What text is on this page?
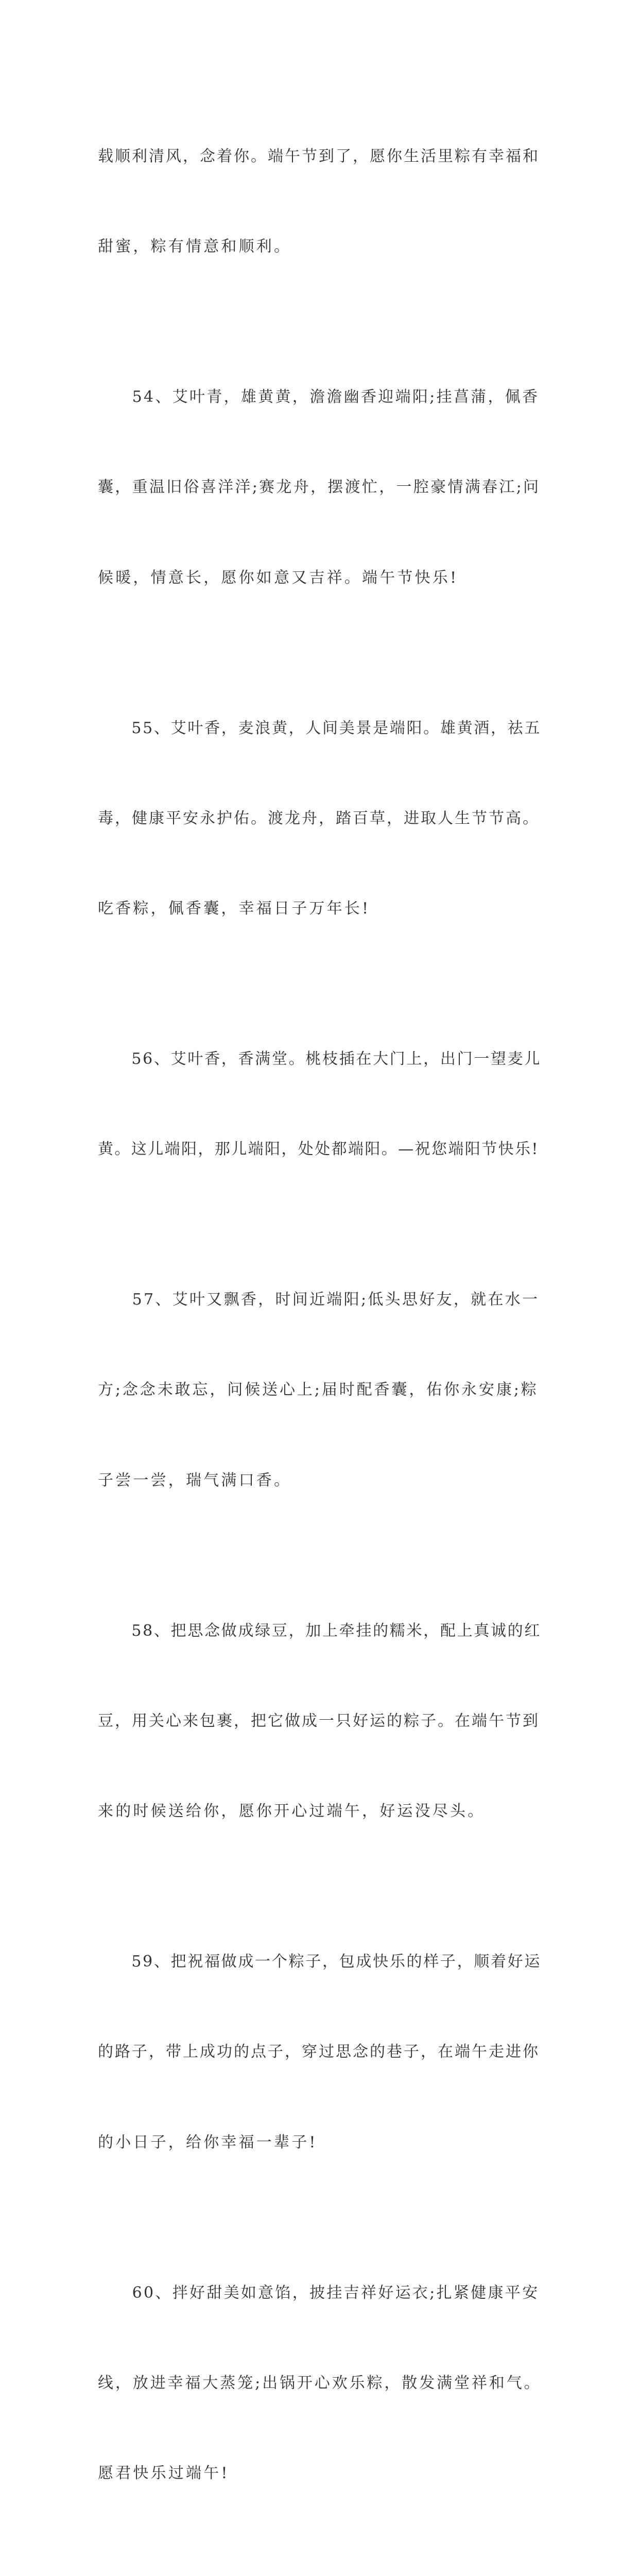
载顺利清风，念着你。端午节到了，愿你生活里粽有幸福和

甜蜜，粽有情意和顺利。

　　54、艾叶青，雄黄黄，澹澹幽香迎端阳;挂菖蒲，佩香

囊，重温旧俗喜洋洋;赛龙舟，摆渡忙，一腔豪情满春江;问

候暖，情意长，愿你如意又吉祥。端午节快乐!

　　55、艾叶香，麦浪黄，人间美景是端阳。雄黄酒，祛五

毒，健康平安永护佑。渡龙舟，踏百草，进取人生节节高。

吃香粽，佩香囊，幸福日子万年长!

　　56、艾叶香，香满堂。桃枝插在大门上，出门一望麦儿

黄。这儿端阳，那儿端阳，处处都端阳。—祝您端阳节快乐!

　　57、艾叶又飘香，时间近端阳;低头思好友，就在水一

方;念念未敢忘，问候送心上;届时配香囊，佑你永安康;粽

子尝一尝，瑞气满口香。

　　58、把思念做成绿豆，加上牵挂的糯米，配上真诚的红

豆，用关心来包裹，把它做成一只好运的粽子。在端午节到

来的时候送给你，愿你开心过端午，好运没尽头。

　　59、把祝福做成一个粽子，包成快乐的样子，顺着好运

的路子，带上成功的点子，穿过思念的巷子，在端午走进你

的小日子，给你幸福一辈子!

　　60、拌好甜美如意馅，披挂吉祥好运衣;扎紧健康平安

线，放进幸福大蒸笼;出锅开心欢乐粽，散发满堂祥和气。

愿君快乐过端午!
